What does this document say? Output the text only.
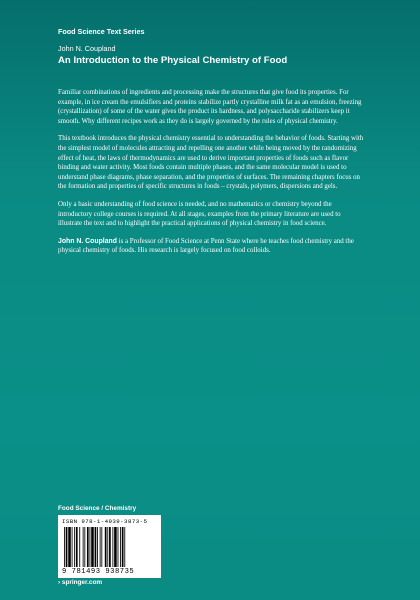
Food Science Text Series
John N. Coupland
An Introduction to the Physical Chemistry of Food

Familiar combinations of ingredients and processing make the structures that give food its properties. For example, in ice cream the emulsifiers and proteins stabilize partly crystalline milk fat as an emulsion, freezing (crystallization) of some of the water gives the product its hardness, and polysaccharide stabilizers keep it smooth. Why different recipes work as they do is largely governed by the rules of physical chemistry.

This textbook introduces the physical chemistry essential to understanding the behavior of foods. Starting with the simplest model of molecules attracting and repelling one another while being moved by the randomizing effect of heat, the laws of thermodynamics are used to derive important properties of foods such as flavor binding and water activity. Most foods contain multiple phases, and the same molecular model is used to understand phase diagrams, phase separation, and the properties of surfaces. The remaining chapters focus on the formation and properties of specific structures in foods – crystals, polymers, dispersions and gels.

Only a basic understanding of food science is needed, and no mathematics or chemistry beyond the introductory college courses is required. At all stages, examples from the primary literature are used to illustrate the text and to highlight the practical applications of physical chemistry in food science.

John N. Coupland is a Professor of Food Science at Penn State where he teaches food chemistry and the physical chemistry of foods. His research is largely focused on food colloids.

Food Science / Chemistry
ISBN 978-1-4939-3873-5
9 781493 938735
› springer.com
